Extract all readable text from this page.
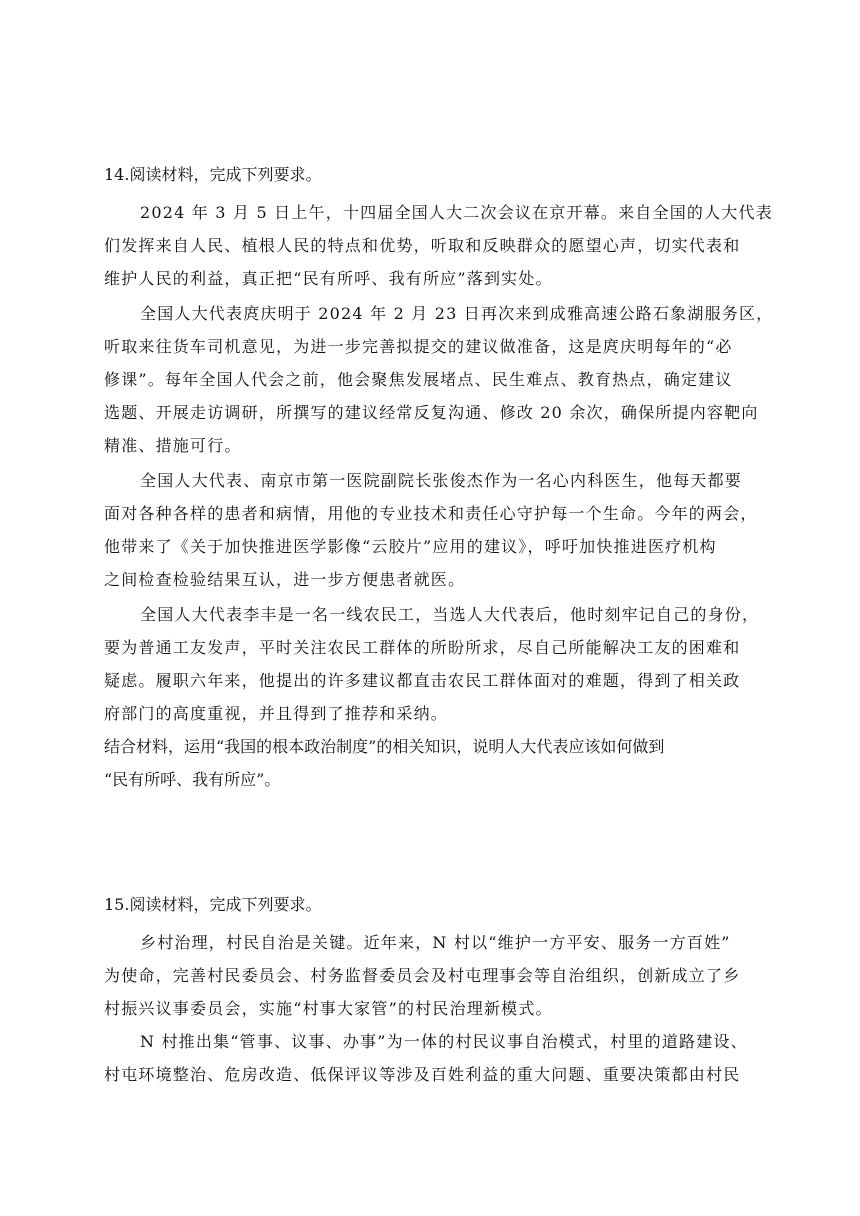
14.阅读材料，完成下列要求。
2024 年 3 月 5 日上午，十四届全国人大二次会议在京开幕。来自全国的人大代表
们发挥来自人民、植根人民的特点和优势，听取和反映群众的愿望心声，切实代表和
维护人民的利益，真正把“民有所呼、我有所应”落到实处。
全国人大代表庹庆明于 2024 年 2 月 23 日再次来到成雅高速公路石象湖服务区，
听取来往货车司机意见，为进一步完善拟提交的建议做准备，这是庹庆明每年的“必
修课”。每年全国人代会之前，他会聚焦发展堵点、民生难点、教育热点，确定建议
选题、开展走访调研，所撰写的建议经常反复沟通、修改 20 余次，确保所提内容靶向
精准、措施可行。
全国人大代表、南京市第一医院副院长张俊杰作为一名心内科医生，他每天都要
面对各种各样的患者和病情，用他的专业技术和责任心守护每一个生命。今年的两会，
他带来了《关于加快推进医学影像“云胶片”应用的建议》，呼吁加快推进医疗机构
之间检查检验结果互认，进一步方便患者就医。
全国人大代表李丰是一名一线农民工，当选人大代表后，他时刻牢记自己的身份，
要为普通工友发声，平时关注农民工群体的所盼所求，尽自己所能解决工友的困难和
疑虑。履职六年来，他提出的许多建议都直击农民工群体面对的难题，得到了相关政
府部门的高度重视，并且得到了推荐和采纳。
结合材料，运用“我国的根本政治制度”的相关知识，说明人大代表应该如何做到
“民有所呼、我有所应”。
15.阅读材料，完成下列要求。
乡村治理，村民自治是关键。近年来，N 村以“维护一方平安、服务一方百姓”
为使命，完善村民委员会、村务监督委员会及村屯理事会等自治组织，创新成立了乡
村振兴议事委员会，实施“村事大家管”的村民治理新模式。
N 村推出集“管事、议事、办事”为一体的村民议事自治模式，村里的道路建设、
村屯环境整治、危房改造、低保评议等涉及百姓利益的重大问题、重要决策都由村民
